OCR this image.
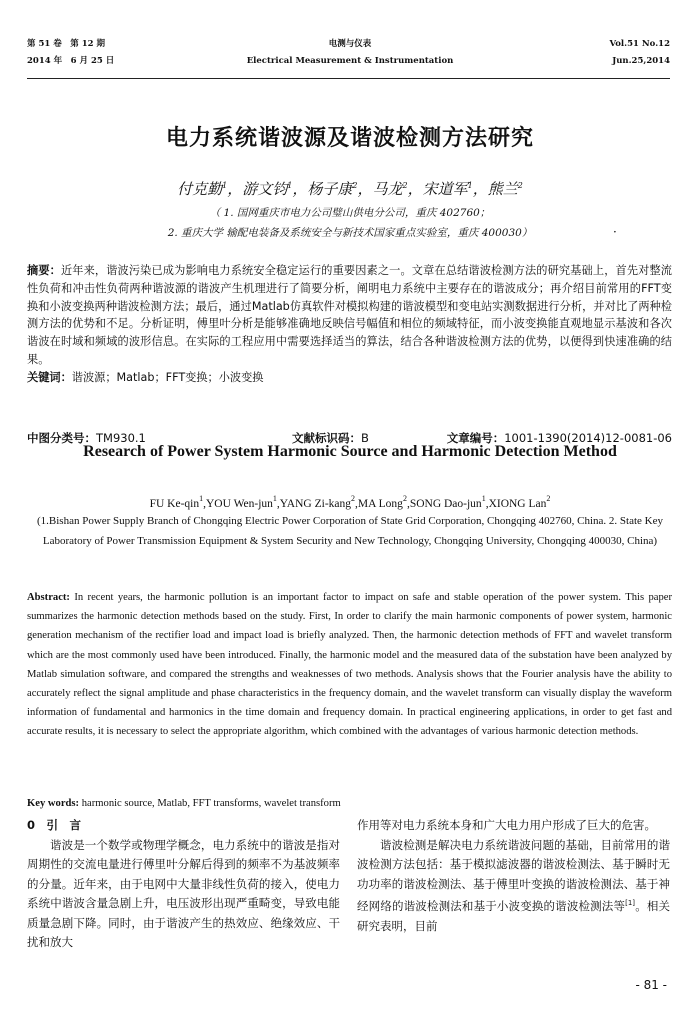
第 51 卷　第 12 期
2014 年　6 月 25 日
电测与仪表
Electrical Measurement & Instrumentation
Vol.51 No.12
Jun.25,2014
电力系统谐波源及谐波检测方法研究
付克勤$^1$，游文钧$^1$，杨子康$^2$，马龙$^2$，宋道军$^1$，熊兰$^2$
（ 1. 国网重庆市电力公司璧山供电分公司，重庆 402760；
2. 重庆大学 输配电装备及系统安全与新技术国家重点实验室，重庆 400030）	·
摘要：近年来，谐波污染已成为影响电力系统安全稳定运行的重要因素之一。文章在总结谐波检测方法的研究基础上，首先对整流性负荷和冲击性负荷两种谐波源的谐波产生机理进行了简要分析，阐明电力系统中主要存在的谐波成分；再介绍目前常用的FFT变换和小波变换两种谐波检测方法；最后，通过Matlab仿真软件对模拟构建的谐波模型和变电站实测数据进行分析，并对比了两种检测方法的优势和不足。分析证明，傅里叶分析是能够准确地反映信号幅值和相位的频域特征，而小波变换能直观地显示基波和各次谐波在时域和频域的波形信息。在实际的工程应用中需要选择适当的算法，结合各种谐波检测方法的优势，以便得到快速准确的结果。
关键词：谐波源；Matlab；FFT变换；小波变换
中图分类号：TM930.1	文献标识码：B	文章编号：1001-1390(2014)12-0081-06
Research of Power System Harmonic Source and Harmonic Detection Method
FU Ke-qin$^1$,YOU Wen-jun$^1$,YANG Zi-kang$^2$,MA Long$^2$,SONG Dao-jun$^1$,XIONG Lan$^2$
(1.Bishan Power Supply Branch of Chongqing Electric Power Corporation of State Grid Corporation, Chongqing 402760, China. 2. State Key Laboratory of Power Transmission Equipment & System Security and New Technology, Chongqing University, Chongqing 400030, China)
Abstract: In recent years, the harmonic pollution is an important factor to impact on safe and stable operation of the power system. This paper summarizes the harmonic detection methods based on the study. First, In order to clarify the main harmonic components of power system, harmonic generation mechanism of the rectifier load and impact load is briefly analyzed. Then, the harmonic detection methods of FFT and wavelet transform which are the most commonly used have been introduced. Finally, the harmonic model and the measured data of the substation have been analyzed by Matlab simulation software, and compared the strengths and weaknesses of two methods. Analysis shows that the Fourier analysis have the ability to accurately reflect the signal amplitude and phase characteristics in the frequency domain, and the wavelet transform can visually display the waveform information of fundamental and harmonics in the time domain and frequency domain. In practical engineering applications, in order to get fast and accurate results, it is necessary to select the appropriate algorithm, which combined with the advantages of various harmonic detection methods.
Key words: harmonic source, Matlab, FFT transforms, wavelet transform
0　引　言
谐波是一个数学或物理学概念，电力系统中的谐波是指对周期性的交流电量进行傅里叶分解后得到的频率不为基波频率的分量。近年来，由于电网中大量非线性负荷的接入，使电力系统中谐波含量急剧上升，电压波形出现严重畸变，导致电能质量急剧下降。同时，由于谐波产生的热效应、绝缘效应、干扰和放大
作用等对电力系统本身和广大电力用户形成了巨大的危害。
谐波检测是解决电力系统谐波问题的基础，目前常用的谐波检测方法包括：基于模拟滤波器的谐波检测法、基于瞬时无功功率的谐波检测法、基于傅里叶变换的谐波检测法、基于神经网络的谐波检测法和基于小波变换的谐波检测法等[1]。相关研究表明，目前
- 81 -
